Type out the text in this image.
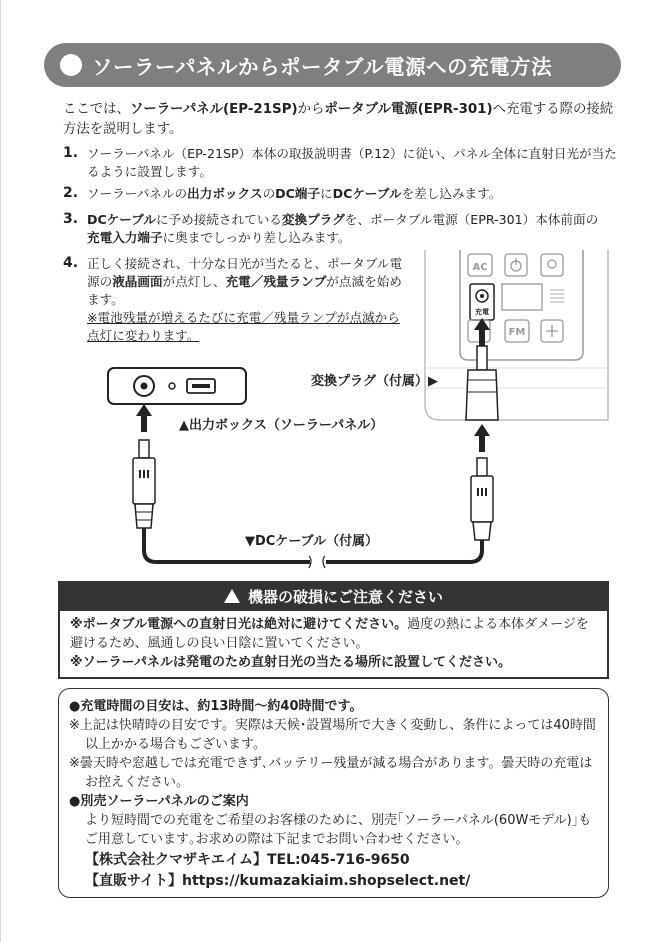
ソーラーパネルからポータブル電源への充電方法
ここでは、ソーラーパネル(EP-21SP)からポータブル電源(EPR-301)へ充電する際の接続方法を説明します。
1. ソーラーパネル（EP-21SP）本体の取扱説明書（P.12）に従い、パネル全体に直射日光が当たるように設置します。
2. ソーラーパネルの出力ボックスのDC端子にDCケーブルを差し込みます。
3. DCケーブルに予め接続されている変換プラグを、ポータブル電源（EPR-301）本体前面の充電入力端子に奥までしっかり差し込みます。
4. 正しく接続され、十分な日光が当たると、ポータブル電源の液晶画面が点灯し、充電／残量ランプが点滅を始めます。
※電池残量が増えるたびに充電／残量ランプが点滅から点灯に変わります。
AC
充電
FM
変換プラグ（付属）▶
▲出力ボックス（ソーラーパネル）
▼DCケーブル（付属）
機器の破損にご注意ください
※ポータブル電源への直射日光は絶対に避けてください。過度の熱による本体ダメージを避けるため、風通しの良い日陰に置いてください。
※ソーラーパネルは発電のため直射日光の当たる場所に設置してください。
●充電時間の目安は、約13時間〜約40時間です。
※上記は快晴時の目安です。実際は天候･設置場所で大きく変動し、条件によっては40時間以上かかる場合もございます。
※曇天時や窓越しでは充電できず､バッテリー残量が減る場合があります。曇天時の充電はお控えください。
●別売ソーラーパネルのご案内
より短時間での充電をご希望のお客様のために、別売｢ソーラーパネル(60Wモデル)｣もご用意しています｡お求めの際は下記までお問い合わせください。
【株式会社クマザキエイム】TEL:045-716-9650
【直販サイト】https://kumazakiaim.shopselect.net/
